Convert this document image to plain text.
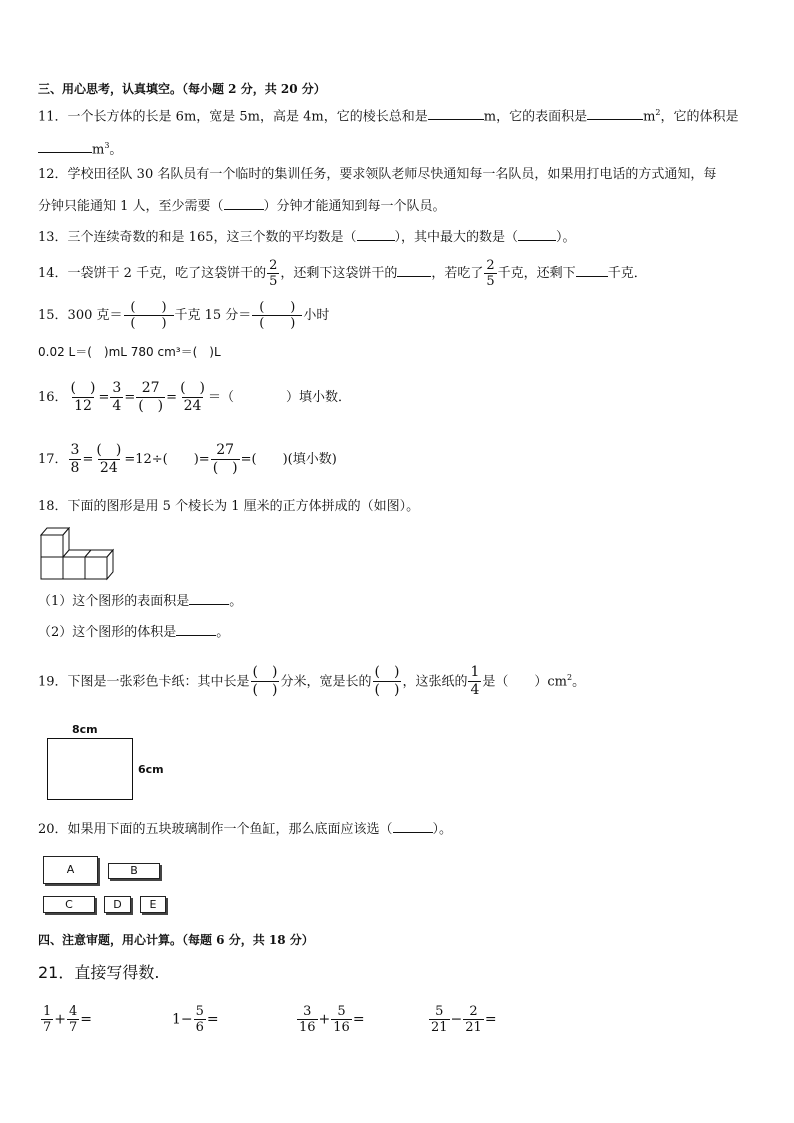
三、用心思考，认真填空。（每小题 2 分，共 20 分）
11．一个长方体的长是 6m，宽是 5m，高是 4m，它的棱长总和是	m，它的表面积是	$m^2$，它的体积是
$m^3$。
12．学校田径队 30 名队员有一个临时的集训任务，要求领队老师尽快通知每一名队员，如果用打电话的方式通知，每
分钟只能通知 1 人，至少需要（	）分钟才能通知到每一个队员。
13．三个连续奇数的和是 165，这三个数的平均数是（	），其中最大的数是（	）。
14．一袋饼干 2 千克，吃了这袋饼干的 $\frac{2}{5}$ ，还剩下这袋饼干的	，若吃了 $\frac{2}{5}$ 千克，还剩下 千克．
15．300 克＝ $\frac{( )}{( )}$ 千克 15 分＝ $\frac{( )}{( )}$ 小时
0.02 L＝(　)mL 780 cm³＝(　)L
16． $\frac{( )}{12} = \frac{3}{4} = \frac{27}{( )} = \frac{( )}{24}$ ＝（　　　　）填小数．
17． $\frac{3}{8} = \frac{( )}{24} =12\div$(　　)= $\frac{27}{( )}$ =(　　)(填小数)
18．下面的图形是用 5 个棱长为 1 厘米的正方体拼成的（如图）。
（1）这个图形的表面积是	。
（2）这个图形的体积是	。
19．下图是一张彩色卡纸：其中长是 $\frac{( )}{( )}$ 分米，宽是长的 $\frac{( )}{( )}$ ，这张纸的 $\frac{1}{4}$ 是（　　）$cm^2$。
8cm
6cm
20．如果用下面的五块玻璃制作一个鱼缸，那么底面应该选（	）。
A	B
C	D	E
四、注意审题，用心计算。（每题 6 分，共 18 分）
21．直接写得数.
$\frac{1}{7} + \frac{4}{7}$ =	$1- \frac{5}{6}$ =	$\frac{3}{16} + \frac{5}{16}$ =	$\frac{5}{21} - \frac{2}{21}$ =
